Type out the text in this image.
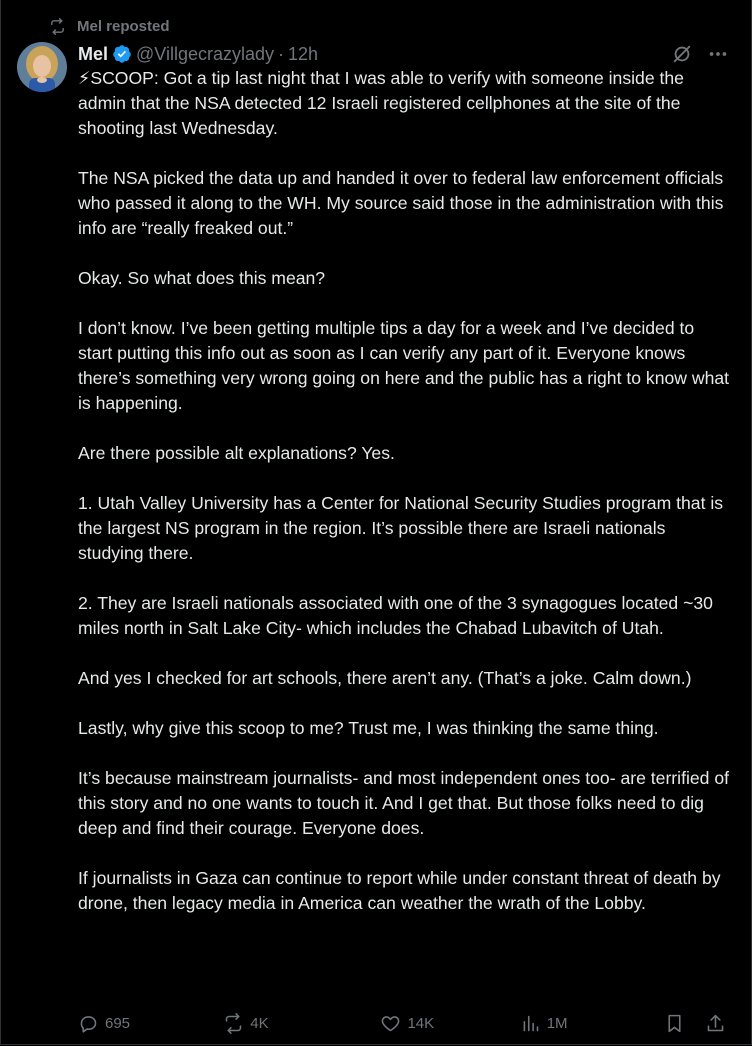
Mel reposted
Mel @Villgecrazylady · 12h

⚡SCOOP: Got a tip last night that I was able to verify with someone inside the admin that the NSA detected 12 Israeli registered cellphones at the site of the shooting last Wednesday.

The NSA picked the data up and handed it over to federal law enforcement officials who passed it along to the WH. My source said those in the administration with this info are “really freaked out.”

Okay. So what does this mean?

I don’t know. I’ve been getting multiple tips a day for a week and I’ve decided to start putting this info out as soon as I can verify any part of it. Everyone knows there’s something very wrong going on here and the public has a right to know what is happening.

Are there possible alt explanations? Yes.

1. Utah Valley University has a Center for National Security Studies program that is the largest NS program in the region. It’s possible there are Israeli nationals studying there.

2. They are Israeli nationals associated with one of the 3 synagogues located ~30 miles north in Salt Lake City- which includes the Chabad Lubavitch of Utah.

And yes I checked for art schools, there aren’t any. (That’s a joke. Calm down.)

Lastly, why give this scoop to me? Trust me, I was thinking the same thing.

It’s because mainstream journalists- and most independent ones too- are terrified of this story and no one wants to touch it. And I get that. But those folks need to dig deep and find their courage. Everyone does.

If journalists in Gaza can continue to report while under constant threat of death by drone, then legacy media in America can weather the wrath of the Lobby.

695	4K	14K	1M
